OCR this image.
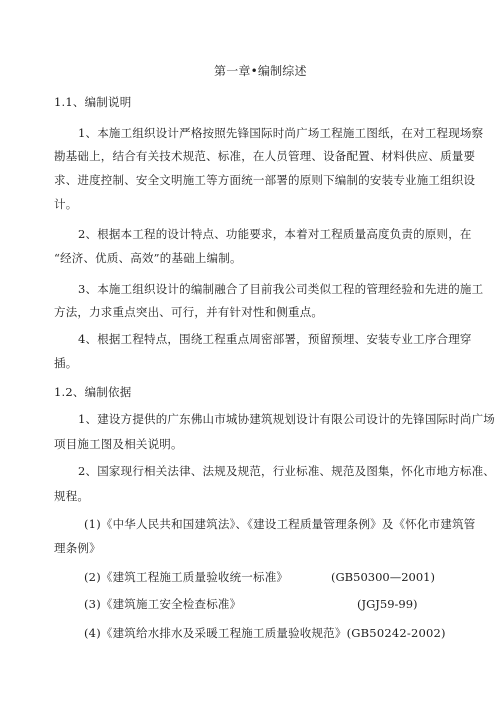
第一章•编制综述
1.1、编制说明
1、本施工组织设计严格按照先锋国际时尚广场工程施工图纸，在对工程现场察
勘基础上，结合有关技术规范、标准，在人员管理、设备配置、材料供应、质量要
求、进度控制、安全文明施工等方面统一部署的原则下编制的安装专业施工组织设
计。
2、根据本工程的设计特点、功能要求，本着对工程质量高度负责的原则，在
“经济、优质、高效”的基础上编制。
3、本施工组织设计的编制融合了目前我公司类似工程的管理经验和先进的施工
方法，力求重点突出、可行，并有针对性和侧重点。
4、根据工程特点，围绕工程重点周密部署，预留预埋、安装专业工序合理穿
插。
1.2、编制依据
1、建设方提供的广东佛山市城协建筑规划设计有限公司设计的先锋国际时尚广场
项目施工图及相关说明。
2、国家现行相关法律、法规及规范，行业标准、规范及图集，怀化市地方标准、
规程。
(1)《中华人民共和国建筑法》、《建设工程质量管理条例》及《怀化市建筑管
理条例》
(2)《建筑工程施工质量验收统一标准》	(GB50300—2001)
(3)《建筑施工安全检查标准》	(JGJ59-99)
(4)《建筑给水排水及采暖工程施工质量验收规范》(GB50242-2002)
